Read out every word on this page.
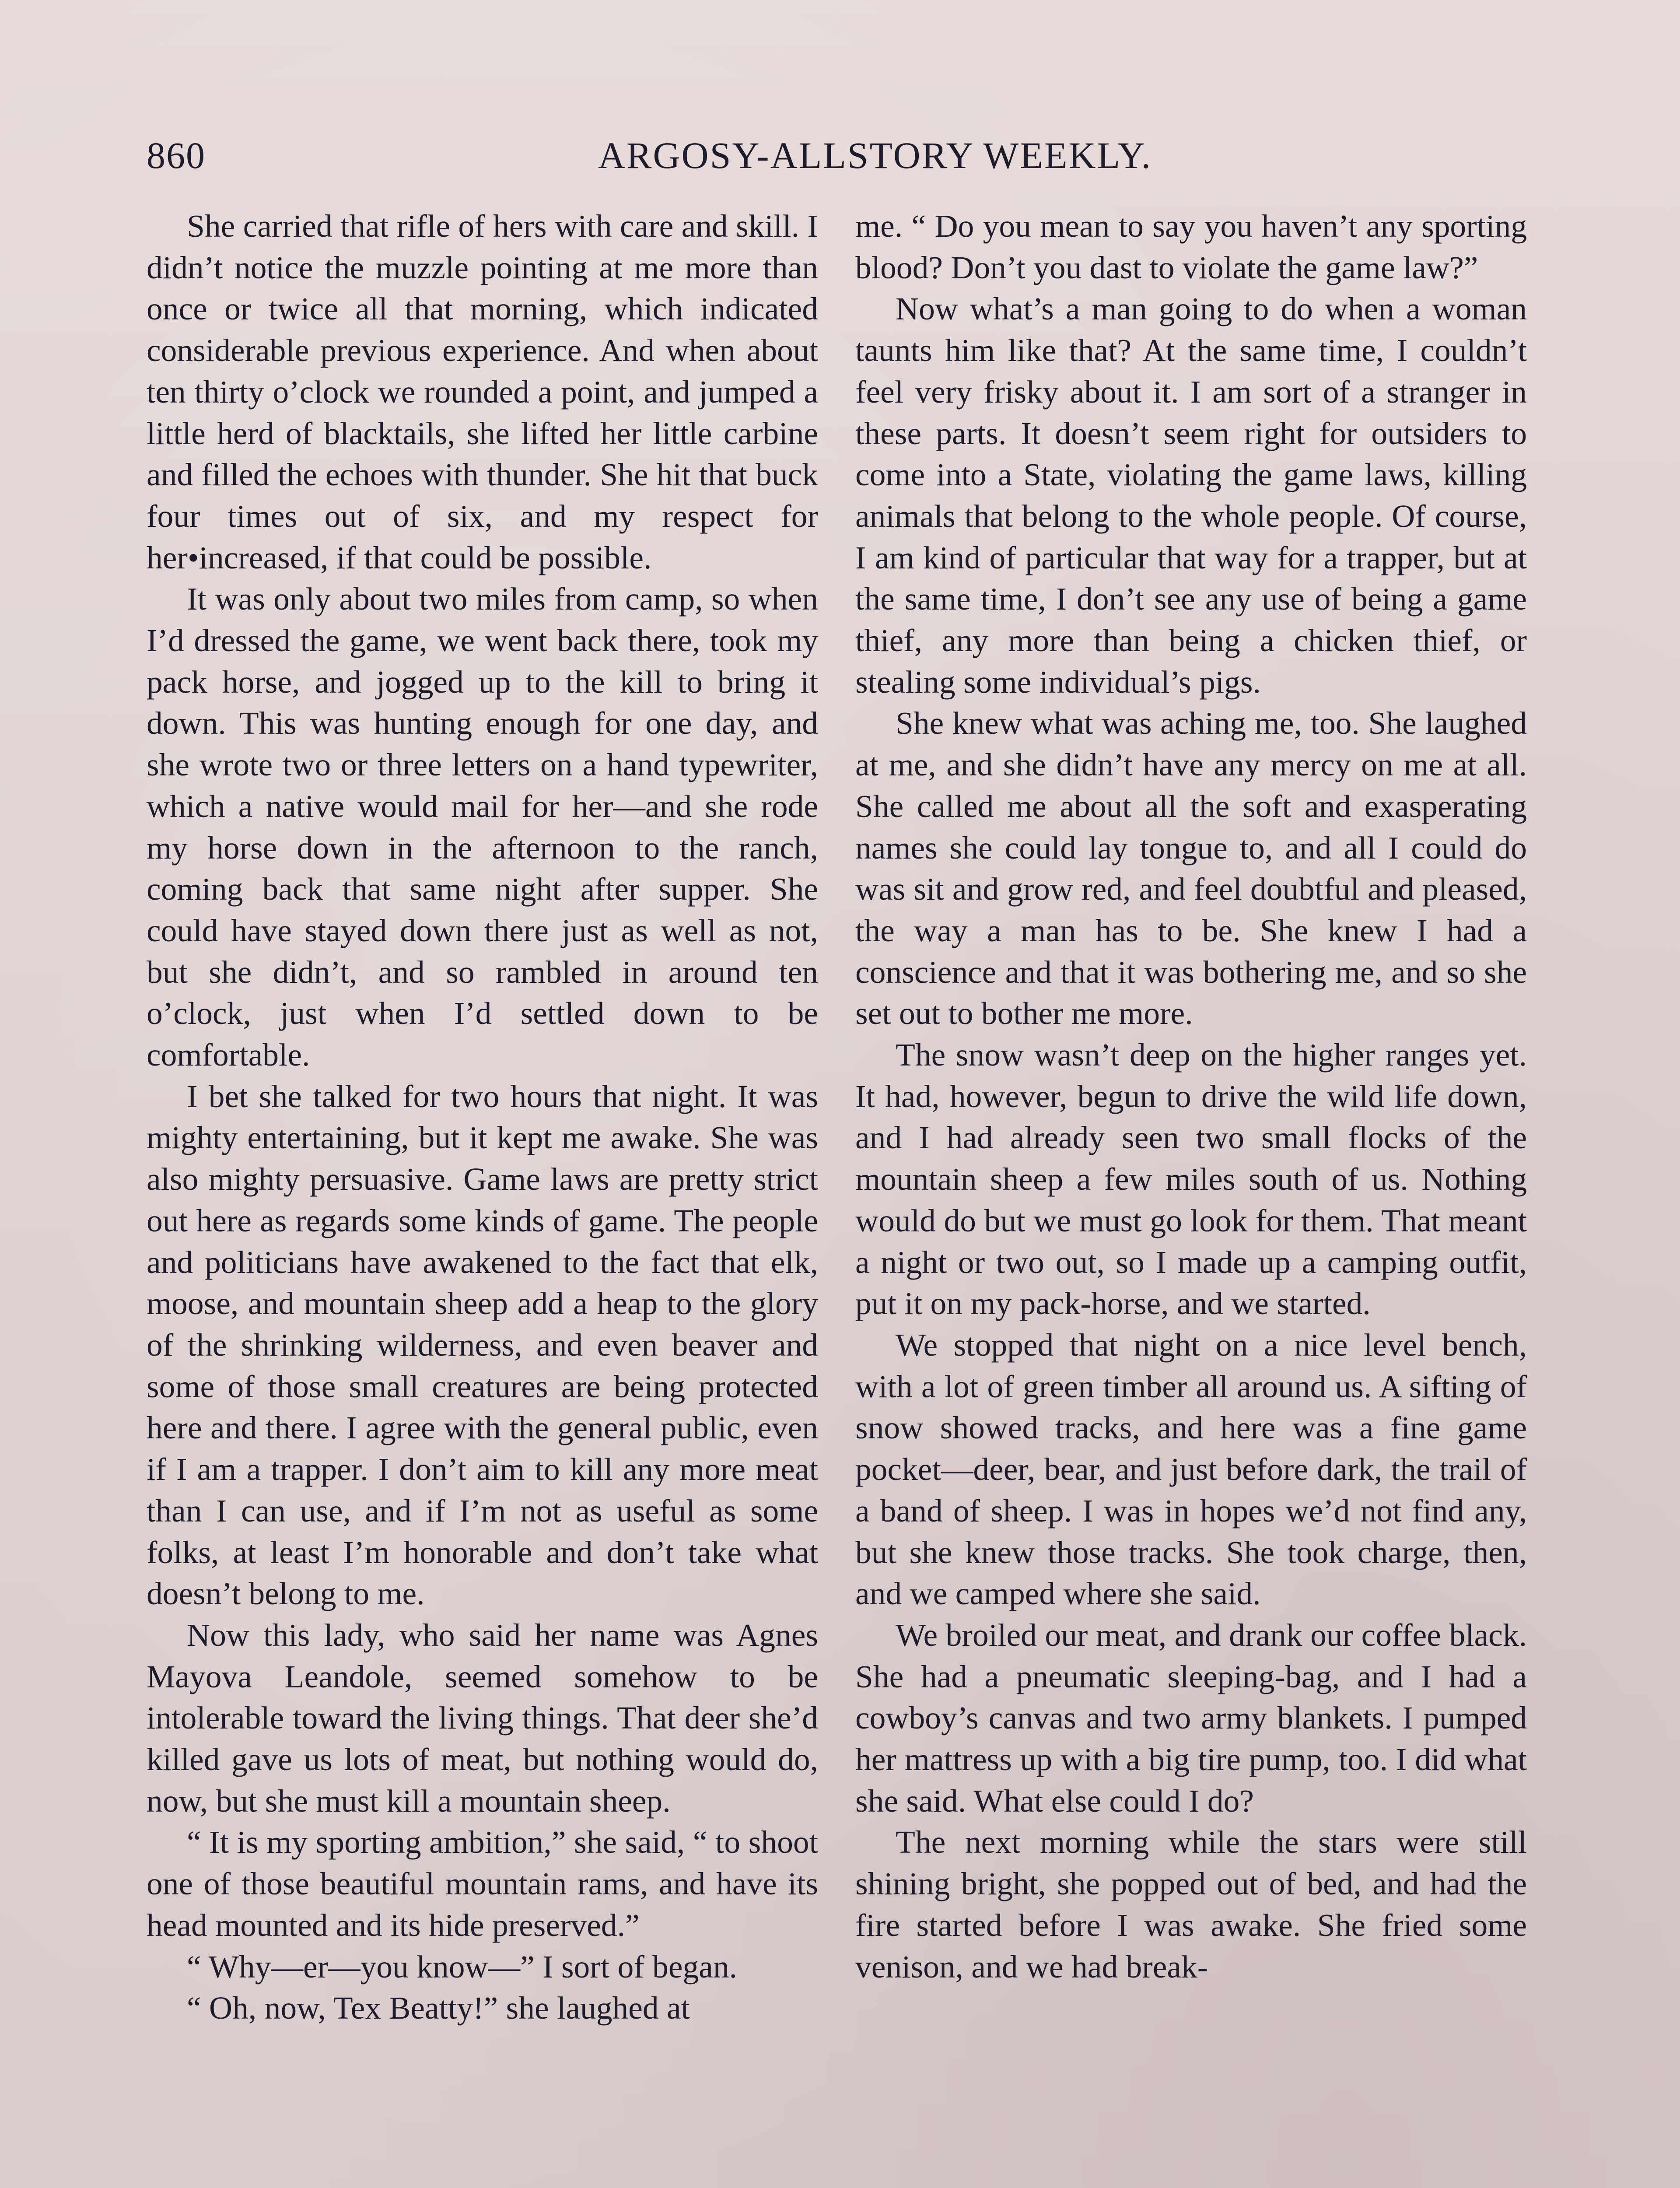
860	ARGOSY-ALLSTORY WEEKLY.

She carried that rifle of hers with care and skill. I didn’t notice the muzzle pointing at me more than once or twice all that morning, which indicated considerable previous experience. And when about ten thirty o’clock we rounded a point, and jumped a little herd of blacktails, she lifted her little carbine and filled the echoes with thunder. She hit that buck four times out of six, and my respect for her•increased, if that could be possible.

It was only about two miles from camp, so when I’d dressed the game, we went back there, took my pack horse, and jogged up to the kill to bring it down. This was hunting enough for one day, and she wrote two or three letters on a hand typewriter, which a native would mail for her—and she rode my horse down in the afternoon to the ranch, coming back that same night after supper. She could have stayed down there just as well as not, but she didn’t, and so rambled in around ten o’clock, just when I’d settled down to be comfortable.

I bet she talked for two hours that night. It was mighty entertaining, but it kept me awake. She was also mighty persuasive. Game laws are pretty strict out here as regards some kinds of game. The people and politicians have awakened to the fact that elk, moose, and mountain sheep add a heap to the glory of the shrinking wilderness, and even beaver and some of those small creatures are being protected here and there. I agree with the general public, even if I am a trapper. I don’t aim to kill any more meat than I can use, and if I’m not as useful as some folks, at least I’m honorable and don’t take what doesn’t belong to me.

Now this lady, who said her name was Agnes Mayova Leandole, seemed somehow to be intolerable toward the living things. That deer she’d killed gave us lots of meat, but nothing would do, now, but she must kill a mountain sheep.

“ It is my sporting ambition,” she said, “ to shoot one of those beautiful mountain rams, and have its head mounted and its hide preserved.”

“ Why—er—you know—” I sort of began.

“ Oh, now, Tex Beatty!” she laughed at

me. “ Do you mean to say you haven’t any sporting blood? Don’t you dast to violate the game law?”

Now what’s a man going to do when a woman taunts him like that? At the same time, I couldn’t feel very frisky about it. I am sort of a stranger in these parts. It doesn’t seem right for outsiders to come into a State, violating the game laws, killing animals that belong to the whole people. Of course, I am kind of particular that way for a trapper, but at the same time, I don’t see any use of being a game thief, any more than being a chicken thief, or stealing some individual’s pigs.

She knew what was aching me, too. She laughed at me, and she didn’t have any mercy on me at all. She called me about all the soft and exasperating names she could lay tongue to, and all I could do was sit and grow red, and feel doubtful and pleased, the way a man has to be. She knew I had a conscience and that it was bothering me, and so she set out to bother me more.

The snow wasn’t deep on the higher ranges yet. It had, however, begun to drive the wild life down, and I had already seen two small flocks of the mountain sheep a few miles south of us. Nothing would do but we must go look for them. That meant a night or two out, so I made up a camping outfit, put it on my pack-horse, and we started.

We stopped that night on a nice level bench, with a lot of green timber all around us. A sifting of snow showed tracks, and here was a fine game pocket—deer, bear, and just before dark, the trail of a band of sheep. I was in hopes we’d not find any, but she knew those tracks. She took charge, then, and we camped where she said.

We broiled our meat, and drank our coffee black. She had a pneumatic sleeping-bag, and I had a cowboy’s canvas and two army blankets. I pumped her mattress up with a big tire pump, too. I did what she said. What else could I do?

The next morning while the stars were still shining bright, she popped out of bed, and had the fire started before I was awake. She fried some venison, and we had break-
